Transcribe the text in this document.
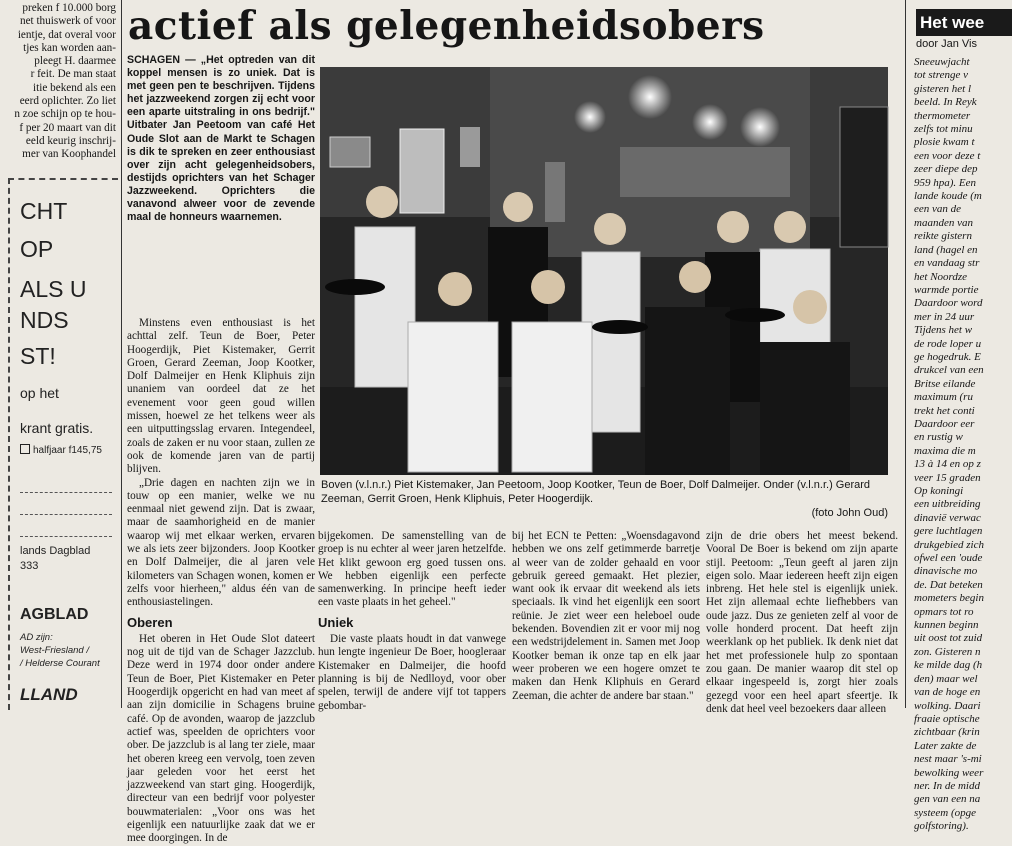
preken f 10.000 borg
net thuiswerk of voor
ientje, dat overal voor
tjes kan worden aan-
pleegt H. daarmee
r feit. De man staat
itie bekend als een
eerd oplichter. Zo liet
n zoe schijn op te hou-
f per 20 maart van dit
eeld keurig inschrij-
mer van Koophandel
CHT
OP
ALS U
NDS
ST!
op het
krant gratis.
halfjaar f145,75
lands Dagblad
333
AGBLAD
AD zijn:
West-Friesland /
/ Helderse Courant
LLAND
actief als gelegenheidsobers
SCHAGEN — „Het optreden van dit koppel mensen is zo uniek. Dat is met geen pen te beschrijven. Tijdens het jazzweekend zorgen zij echt voor een aparte uitstraling in ons bedrijf." Uitbater Jan Peetoom van café Het Oude Slot aan de Markt te Schagen is dik te spreken en zeer enthousiast over zijn acht gelegenheidsobers, destijds oprichters van het Schager Jazzweekend. Oprichters die vanavond alweer voor de zevende maal de honneurs waarnemen.

Minstens even enthousiast is het achttal zelf. Teun de Boer, Peter Hoogerdijk, Piet Kistemaker, Gerrit Groen, Gerard Zeeman, Joop Kootker, Dolf Dalmeijer en Henk Kliphuis zijn unaniem van oordeel dat ze het evenement voor geen goud willen missen, hoewel ze het telkens weer als een uitputtingsslag ervaren. Integendeel, zoals de zaken er nu voor staan, zullen ze ook de komende jaren van de partij blijven.

„Drie dagen en nachten zijn we in touw op een manier, welke we nu eenmaal niet gewend zijn. Dat is zwaar, maar de saamhorigheid en de manier waarop wij met elkaar werken, ervaren we als iets zeer bijzonders. Joop Kootker en Dolf Dalmeijer, die al jaren vele kilometers van Schagen wonen, komen er zelfs voor hierheen," aldus één van de enthousiastelingen.

Oberen

Het oberen in Het Oude Slot dateert nog uit de tijd van de Schager Jazzclub. Deze werd in 1974 door onder andere Teun de Boer, Piet Kistemaker en Peter Hoogerdijk opgericht en had van meet af aan zijn domicilie in Schagens bruine café. Op de avonden, waarop de jazzclub actief was, speelden de oprichters voor ober. De jazzclub is al lang ter ziele, maar het oberen kreeg een vervolg, toen zeven jaar geleden voor het eerst het jazzweekend van start ging. Hoogerdijk, directeur van een bedrijf voor polyester bouwmaterialen: „Voor ons was het eigenlijk een natuurlijke zaak dat we er mee doorgingen. In de

Boven (v.l.n.r.) Piet Kistemaker, Jan Peetoom, Joop Kootker, Teun de Boer, Dolf Dalmeijer. Onder (v.l.n.r.) Gerard Zeeman, Gerrit Groen, Henk Kliphuis, Peter Hoogerdijk.
(foto John Oud)

bijgekomen. De samenstelling van de groep is nu echter al weer jaren hetzelfde. Het klikt gewoon erg goed tussen ons. We hebben eigenlijk een perfecte samenwerking. In principe heeft ieder een vaste plaats in het geheel."

Uniek

Die vaste plaats houdt in dat vanwege hun lengte ingenieur De Boer, hoogleraar Kistemaker en Dalmeijer, die hoofd planning is bij de Nedlloyd, voor ober spelen, terwijl de andere vijf tot tappers gebombar-

bij het ECN te Petten: „Woensdagavond hebben we ons zelf getimmerde barretje al weer van de zolder gehaald en voor gebruik gereed gemaakt. Het plezier, want ook ik ervaar dit weekend als iets speciaals. Ik vind het eigenlijk een soort reünie. Je ziet weer een heleboel oude bekenden. Bovendien zit er voor mij nog een wedstrijdelement in. Samen met Joop Kootker beman ik onze tap en elk jaar weer proberen we een hogere omzet te maken dan Henk Kliphuis en Gerard Zeeman, die achter de andere bar staan."
zijn de drie obers het meest bekend. Vooral De Boer is bekend om zijn aparte stijl. Peetoom: „Teun geeft al jaren zijn eigen solo. Maar iedereen heeft zijn eigen inbreng. Het hele stel is eigenlijk uniek. Het zijn allemaal echte liefhebbers van oude jazz. Dus ze genieten zelf al voor de volle honderd procent. Dat heeft zijn weerklank op het publiek. Ik denk niet dat het met professionele hulp zo spontaan zou gaan. De manier waarop dit stel op elkaar ingespeeld is, zorgt hier zoals gezegd voor een heel apart sfeertje. Ik denk dat heel veel bezoekers daar alleen
Het wee
door Jan Vis
Sneeuwjacht
tot strenge v
gisteren het l
beeld. In Reyk
thermometer
zelfs tot minu
plosie kwam t
een voor deze t
zeer diepe dep
959 hpa). Een
lande koude (m
een van de
maanden van
reikte gistern
land (hagel en
en vandaag str
het Noordze
warmde portie
Daardoor word
mer in 24 uur
Tijdens het w
de rode loper u
ge hogedruk. E
drukcel van een
Britse eilande
maximum (ru
trekt het conti
Daardoor eer
en rustig w
maxima die m
13 à 14 en op z
veer 15 graden
Op koningi
een uitbreiding
dinavië verwac
gere luchtlagen
drukgebied zich
ofwel een 'oude
dinavische mo
de. Dat beteken
mometers begin
opmars tot ro
kunnen beginn
uit oost tot zuid
zon. Gisteren n
ke milde dag (h
den) maar wel
van de hoge en
wolking. Daari
fraaie optische
zichtbaar (krin
Later zakte de
nest maar 's-mi
bewolking weer
ner. In de midd
gen van een na
systeem (opge
golfstoring).
